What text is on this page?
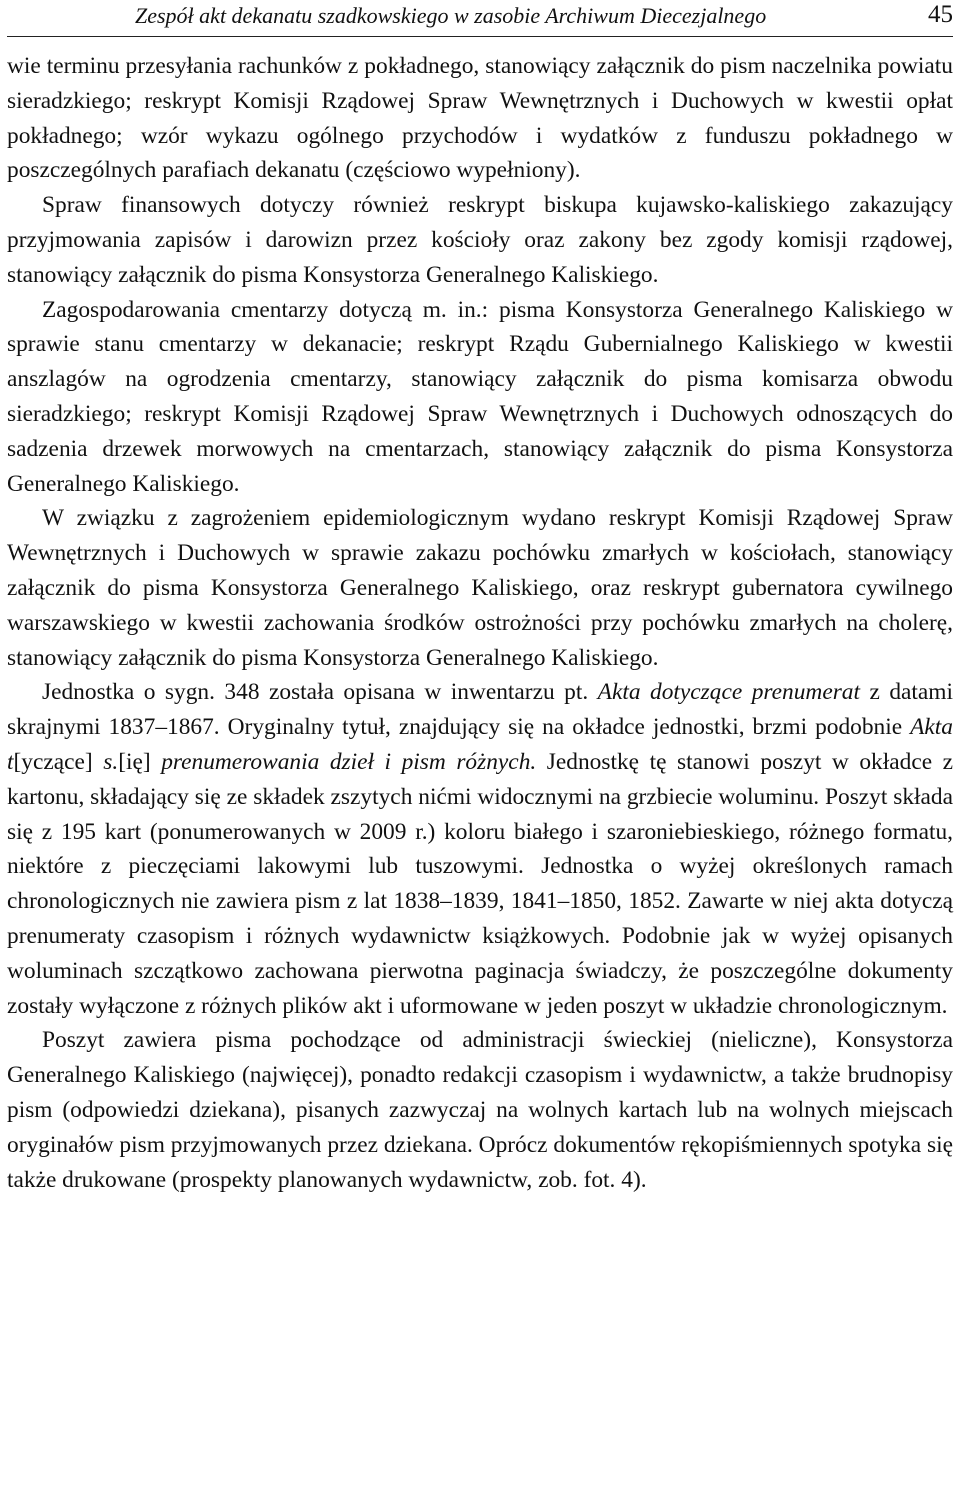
Zespół akt dekanatu szadkowskiego w zasobie Archiwum Diecezjalnego	45

wie terminu przesyłania rachunków z pokładnego, stanowiący załącznik do pism naczelnika powiatu sieradzkiego; reskrypt Komisji Rządowej Spraw Wewnętrznych i Duchowych w kwestii opłat pokładnego; wzór wykazu ogólnego przychodów i wydatków z funduszu pokładnego w poszczególnych parafiach dekanatu (częściowo wypełniony).

Spraw finansowych dotyczy również reskrypt biskupa kujawsko-kaliskiego zakazujący przyjmowania zapisów i darowizn przez kościoły oraz zakony bez zgody komisji rządowej, stanowiący załącznik do pisma Konsystorza Generalnego Kaliskiego.

Zagospodarowania cmentarzy dotyczą m. in.: pisma Konsystorza Generalnego Kaliskiego w sprawie stanu cmentarzy w dekanacie; reskrypt Rządu Gubernialnego Kaliskiego w kwestii anszlagów na ogrodzenia cmentarzy, stanowiący załącznik do pisma komisarza obwodu sieradzkiego; reskrypt Komisji Rządowej Spraw Wewnętrznych i Duchowych odnoszących do sadzenia drzewek morwowych na cmentarzach, stanowiący załącznik do pisma Konsystorza Generalnego Kaliskiego.

W związku z zagrożeniem epidemiologicznym wydano reskrypt Komisji Rządowej Spraw Wewnętrznych i Duchowych w sprawie zakazu pochówku zmarłych w kościołach, stanowiący załącznik do pisma Konsystorza Generalnego Kaliskiego, oraz reskrypt gubernatora cywilnego warszawskiego w kwestii zachowania środków ostrożności przy pochówku zmarłych na cholerę, stanowiący załącznik do pisma Konsystorza Generalnego Kaliskiego.

Jednostka o sygn. 348 została opisana w inwentarzu pt. Akta dotyczące prenumerat z datami skrajnymi 1837–1867. Oryginalny tytuł, znajdujący się na okładce jednostki, brzmi podobnie Akta t[yczące] s.[ię] prenumerowania dzieł i pism różnych. Jednostkę tę stanowi poszyt w okładce z kartonu, składający się ze składek zszytych nićmi widocznymi na grzbiecie woluminu. Poszyt składa się z 195 kart (ponumerowanych w 2009 r.) koloru białego i szaroniebieskiego, różnego formatu, niektóre z pieczęciami lakowymi lub tuszowymi. Jednostka o wyżej określonych ramach chronologicznych nie zawiera pism z lat 1838–1839, 1841–1850, 1852. Zawarte w niej akta dotyczą prenumeraty czasopism i różnych wydawnictw książkowych. Podobnie jak w wyżej opisanych woluminach szczątkowo zachowana pierwotna paginacja świadczy, że poszczególne dokumenty zostały wyłączone z różnych plików akt i uformowane w jeden poszyt w układzie chronologicznym.

Poszyt zawiera pisma pochodzące od administracji świeckiej (nieliczne), Konsystorza Generalnego Kaliskiego (najwięcej), ponadto redakcji czasopism i wydawnictw, a także brudnopisy pism (odpowiedzi dziekana), pisanych zazwyczaj na wolnych kartach lub na wolnych miejscach oryginałów pism przyjmowanych przez dziekana. Oprócz dokumentów rękopiśmiennych spotyka się także drukowane (prospekty planowanych wydawnictw, zob. fot. 4).
